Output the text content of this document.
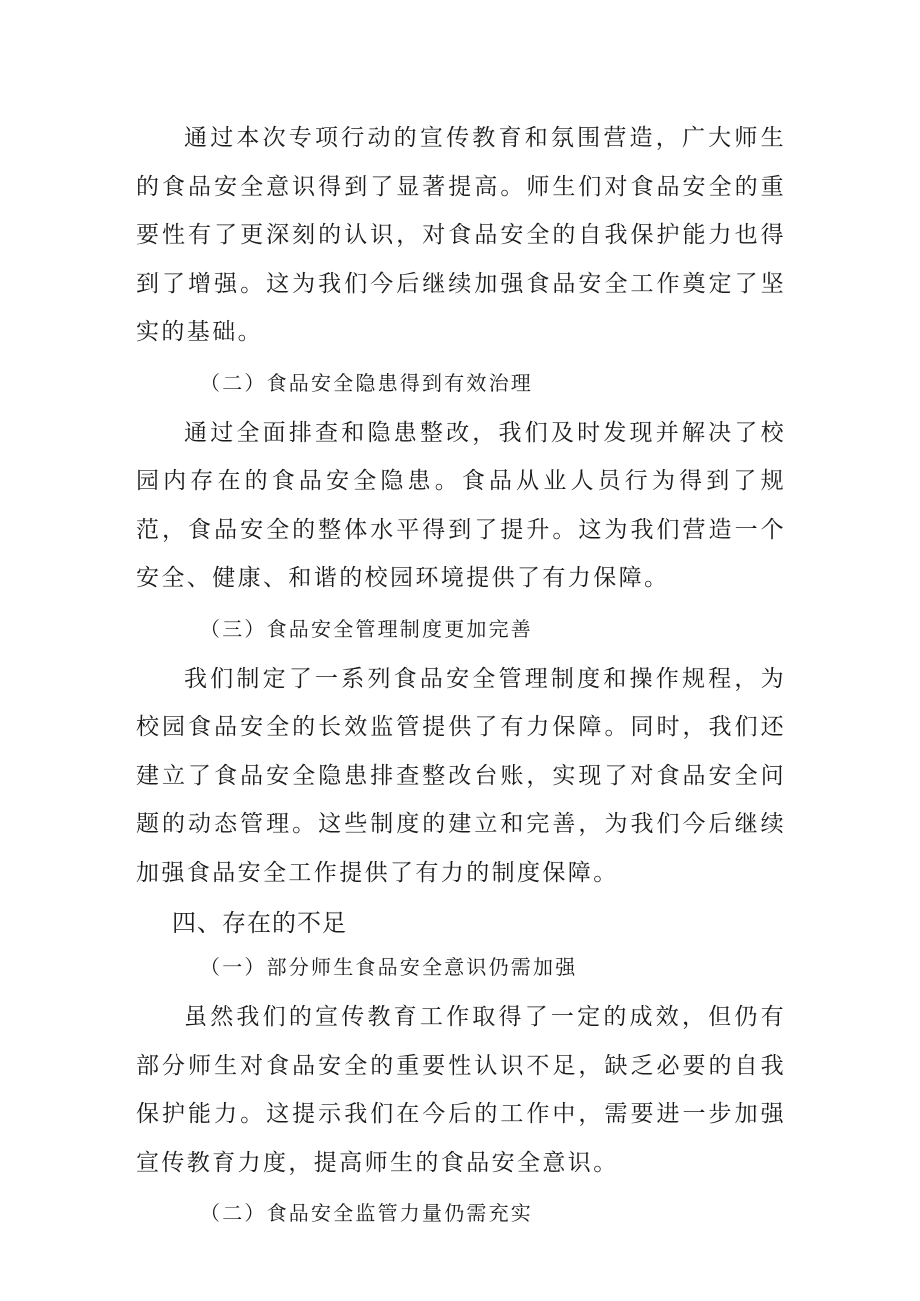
通过本次专项行动的宣传教育和氛围营造，广大师生的食品安全意识得到了显著提高。师生们对食品安全的重要性有了更深刻的认识，对食品安全的自我保护能力也得到了增强。这为我们今后继续加强食品安全工作奠定了坚实的基础。

（二）食品安全隐患得到有效治理

通过全面排查和隐患整改，我们及时发现并解决了校园内存在的食品安全隐患。食品从业人员行为得到了规范，食品安全的整体水平得到了提升。这为我们营造一个安全、健康、和谐的校园环境提供了有力保障。

（三）食品安全管理制度更加完善

我们制定了一系列食品安全管理制度和操作规程，为校园食品安全的长效监管提供了有力保障。同时，我们还建立了食品安全隐患排查整改台账，实现了对食品安全问题的动态管理。这些制度的建立和完善，为我们今后继续加强食品安全工作提供了有力的制度保障。

四、存在的不足
（一）部分师生食品安全意识仍需加强

虽然我们的宣传教育工作取得了一定的成效，但仍有部分师生对食品安全的重要性认识不足，缺乏必要的自我保护能力。这提示我们在今后的工作中，需要进一步加强宣传教育力度，提高师生的食品安全意识。

（二）食品安全监管力量仍需充实
